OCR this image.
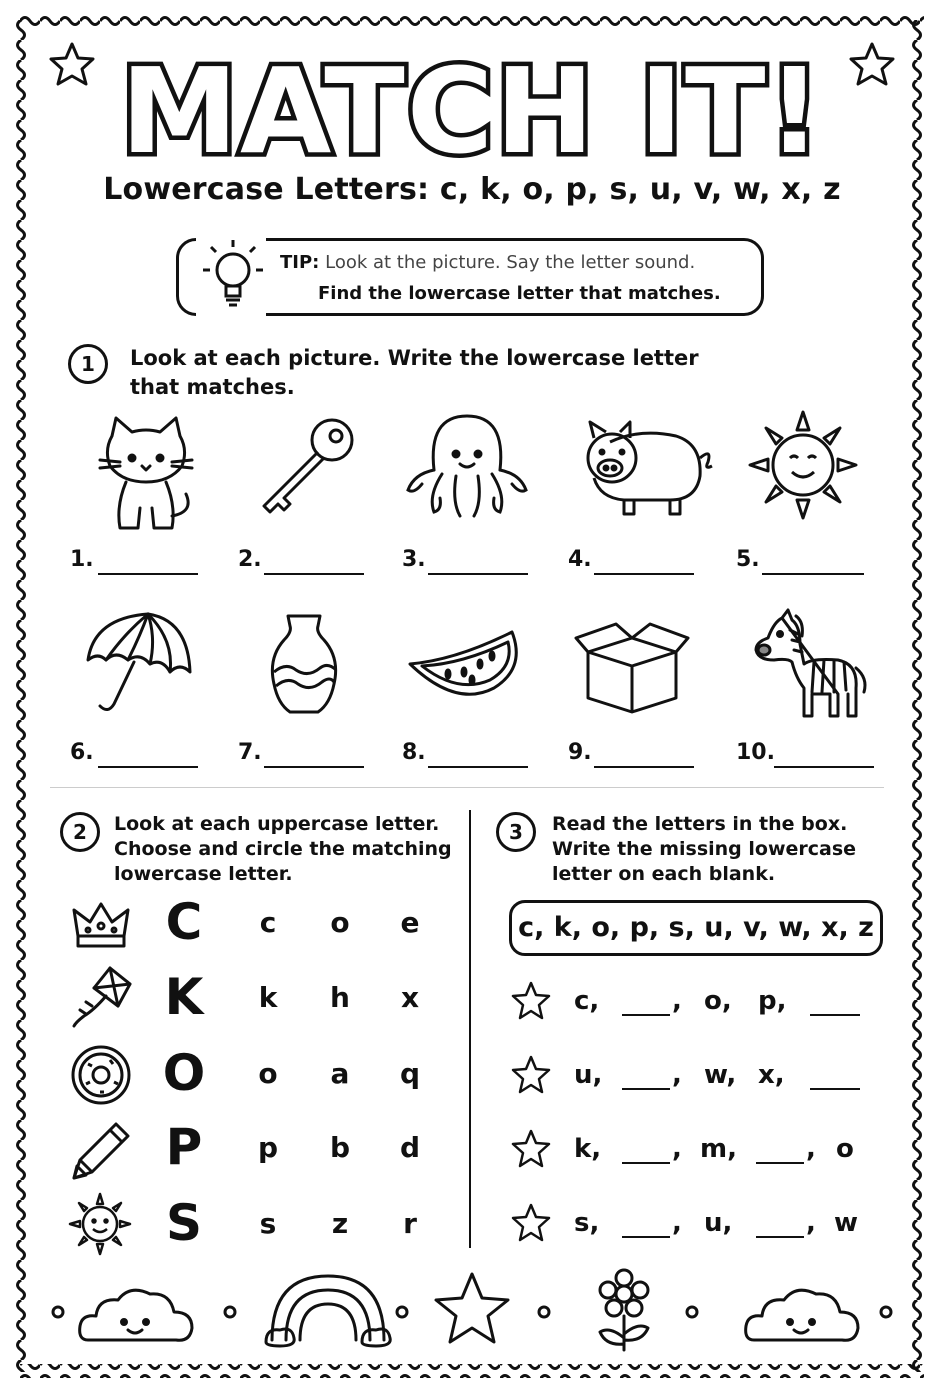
MATCH IT!
Lowercase Letters: c, k, o, p, s, u, v, w, x, z
TIP: Look at the picture. Say the letter sound.
Find the lowercase letter that matches.
1	Look at each picture. Write the lowercase letter that matches.
1.	2.	3.	4.	5.
6.	7.	8.	9.	10.
2	Look at each uppercase letter.
Choose and circle the matching
lowercase letter.
C	c	o	e
K	k	h	x
O	o	a	q
P	p	b	d
S	s	z	r
3	Read the letters in the box.
Write the missing lowercase
letter on each blank.
c, k, o, p, s, u, v, w, x, z
c,	, o, p,
u,	, w, x,
k,	, m,	, o
s,	, u,	, w
